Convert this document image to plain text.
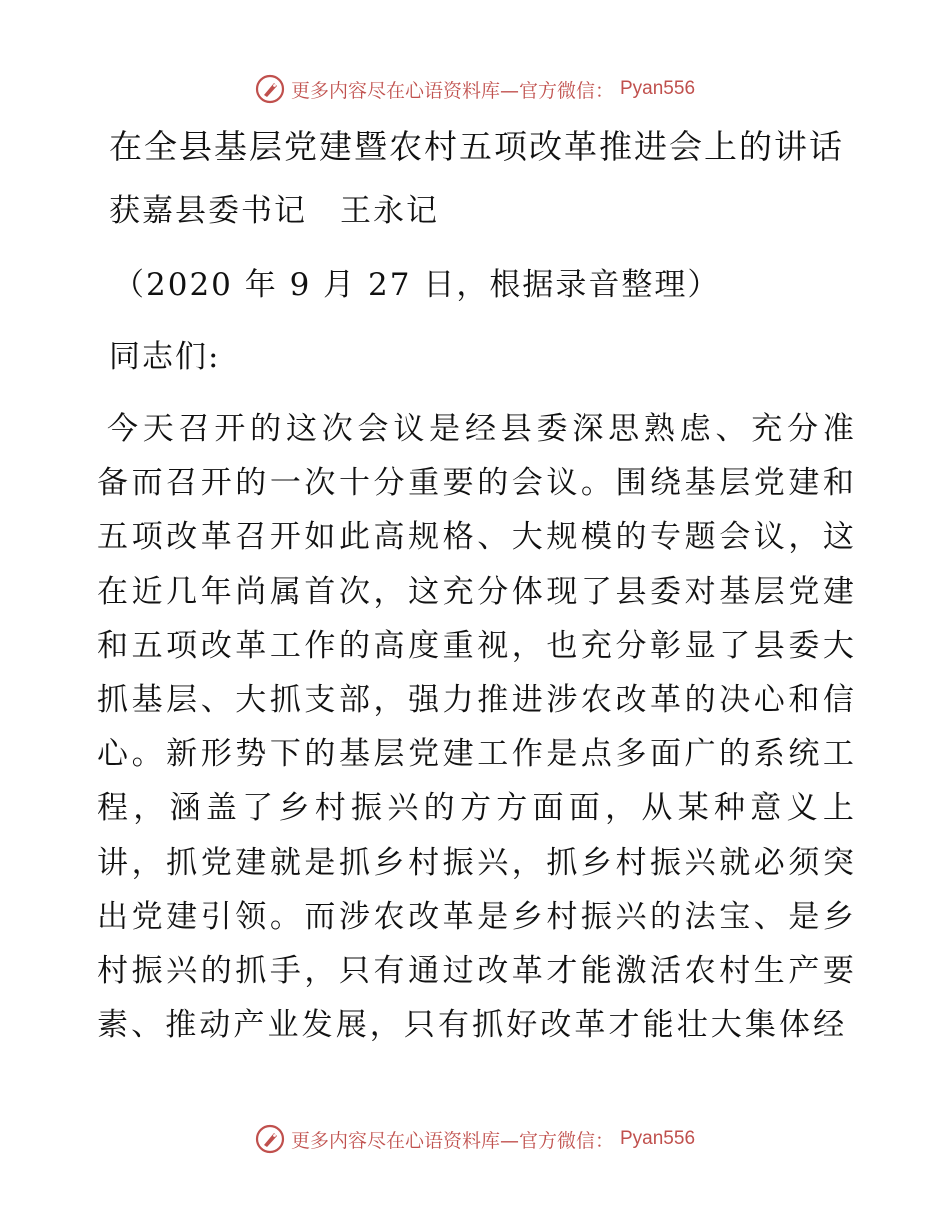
更多内容尽在心语资料库—官方微信： Pyan556
在全县基层党建暨农村五项改革推进会上的讲话
获嘉县委书记　王永记
（2020 年 9 月 27 日，根据录音整理）
同志们:

今天召开的这次会议是经县委深思熟虑、充分准备而召开的一次十分重要的会议。围绕基层党建和五项改革召开如此高规格、大规模的专题会议，这在近几年尚属首次，这充分体现了县委对基层党建和五项改革工作的高度重视，也充分彰显了县委大抓基层、大抓支部，强力推进涉农改革的决心和信心。新形势下的基层党建工作是点多面广的系统工程，涵盖了乡村振兴的方方面面，从某种意义上讲，抓党建就是抓乡村振兴，抓乡村振兴就必须突出党建引领。而涉农改革是乡村振兴的法宝、是乡村振兴的抓手，只有通过改革才能激活农村生产要素、推动产业发展，只有抓好改革才能壮大集体经

更多内容尽在心语资料库—官方微信： Pyan556
